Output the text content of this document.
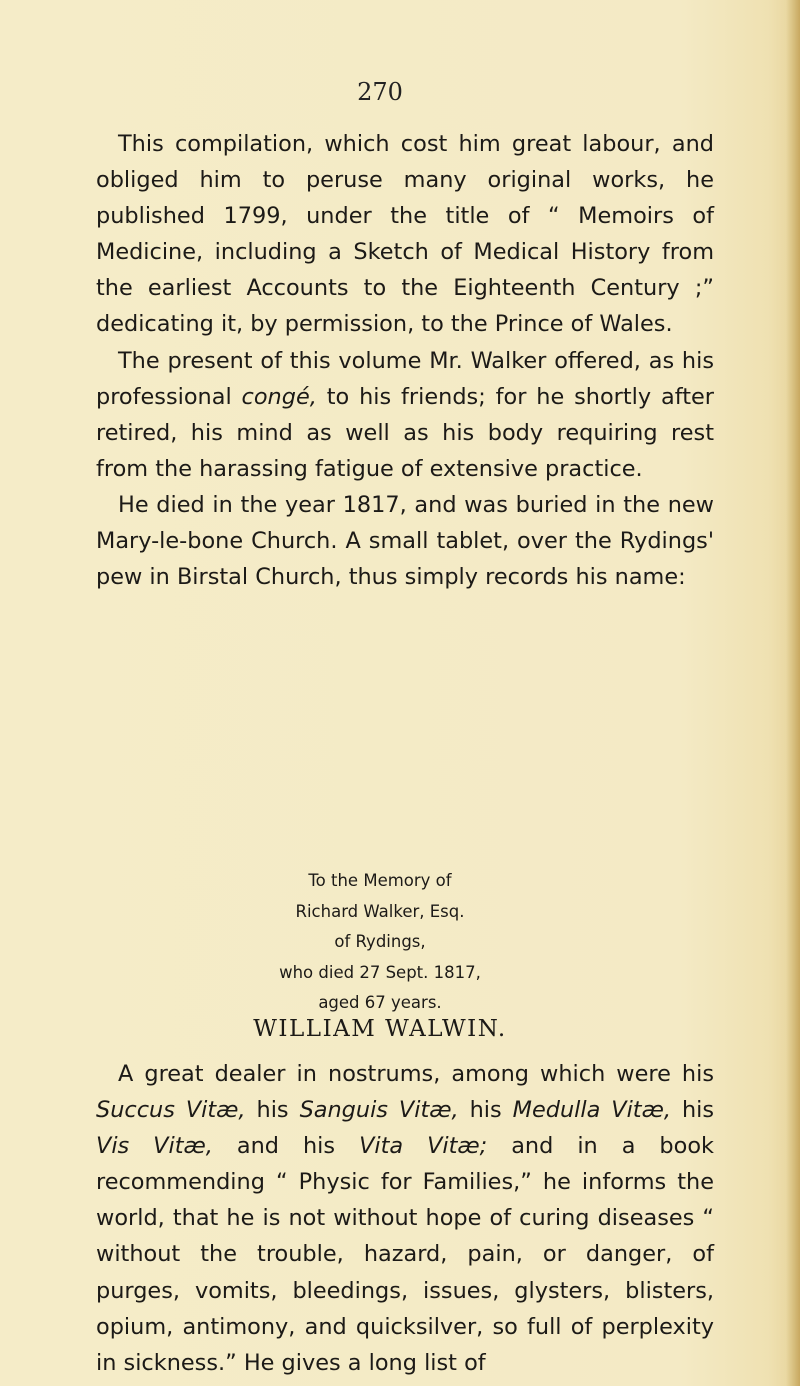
270

This compilation, which cost him great labour, and obliged him to peruse many original works, he published 1799, under the title of “ Memoirs of Medicine, including a Sketch of Medical History from the earliest Accounts to the Eighteenth Century ;” dedicating it, by permission, to the Prince of Wales.

The present of this volume Mr. Walker offered, as his professional congé, to his friends; for he shortly after retired, his mind as well as his body requiring rest from the harassing fatigue of extensive practice.

He died in the year 1817, and was buried in the new Mary-le-bone Church. A small tablet, over the Rydings' pew in Birstal Church, thus simply records his name:

To the Memory of
Richard Walker, Esq.
of Rydings,
who died 27 Sept. 1817,
aged 67 years.
WILLIAM WALWIN.

A great dealer in nostrums, among which were his Succus Vitæ, his Sanguis Vitæ, his Medulla Vitæ, his Vis Vitæ, and his Vita Vitæ; and in a book recommending “ Physic for Families,” he informs the world, that he is not without hope of curing diseases “ without the trouble, hazard, pain, or danger, of purges, vomits, bleedings, issues, glysters, blisters, opium, antimony, and quicksilver, so full of perplexity in sickness.” He gives a long list of
